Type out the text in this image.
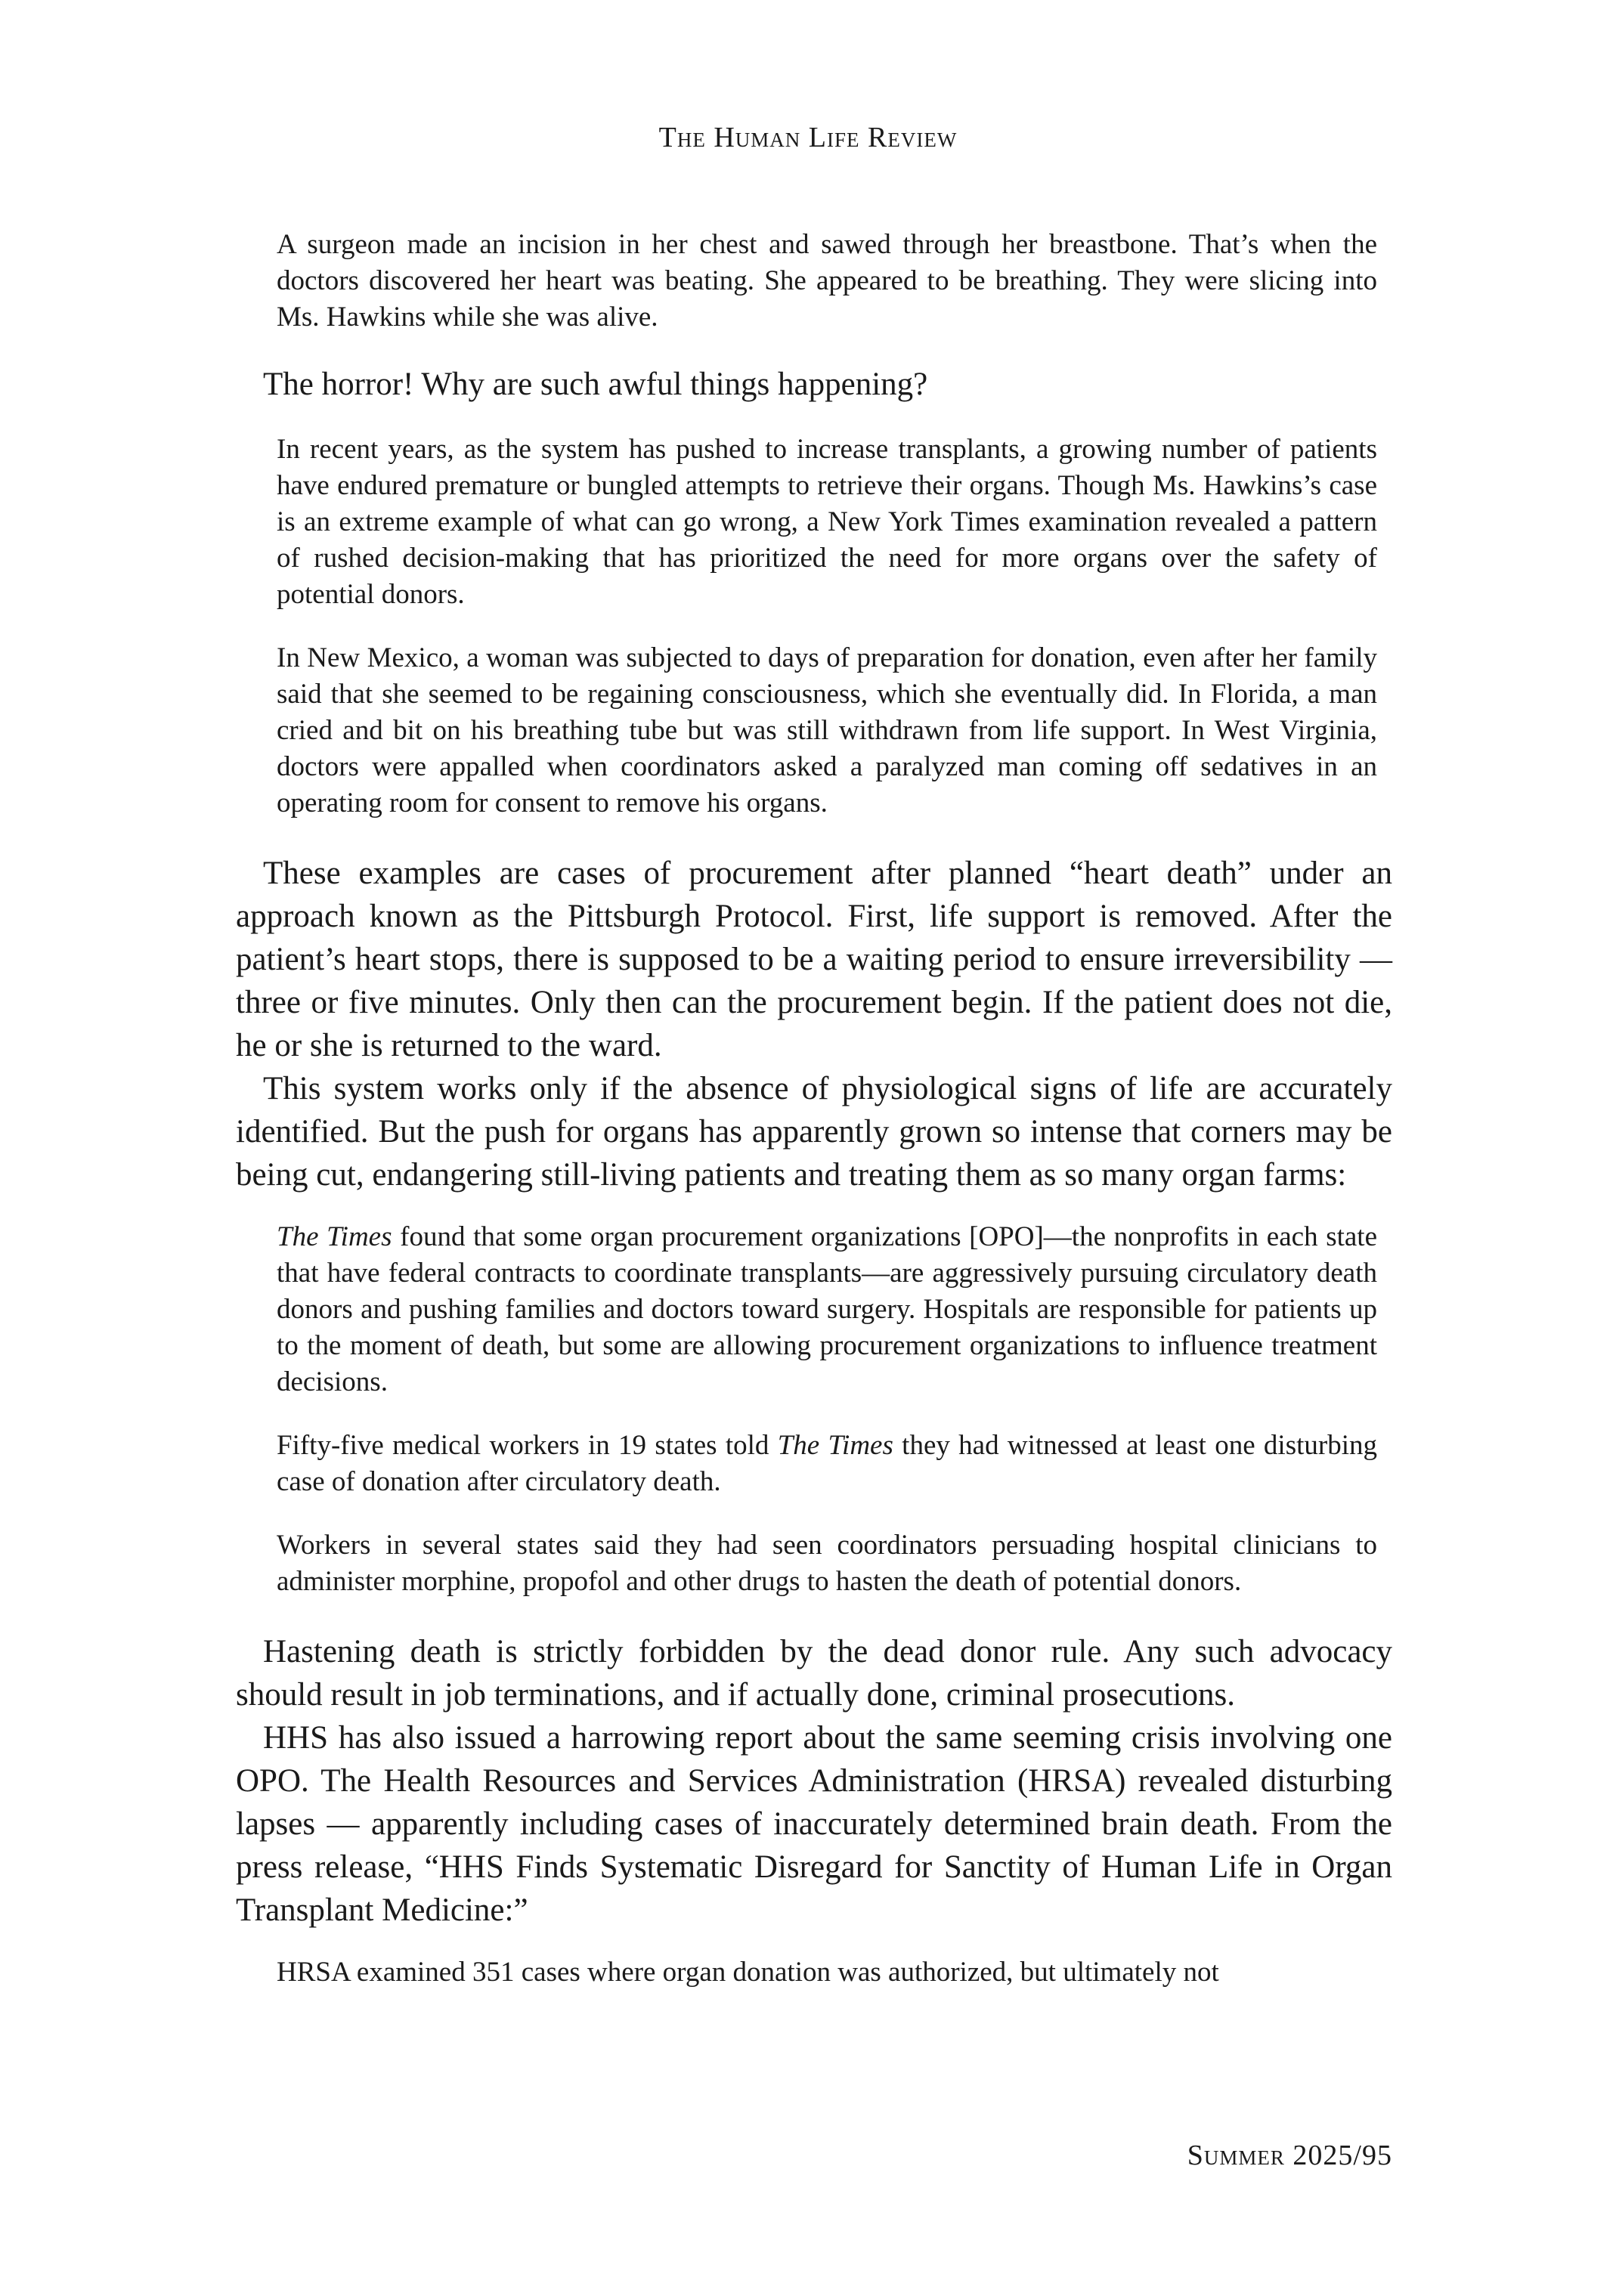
The Human Life Review

A surgeon made an incision in her chest and sawed through her breastbone. That’s when the doctors discovered her heart was beating. She appeared to be breathing. They were slicing into Ms. Hawkins while she was alive.

The horror! Why are such awful things happening?

In recent years, as the system has pushed to increase transplants, a growing number of patients have endured premature or bungled attempts to retrieve their organs. Though Ms. Hawkins’s case is an extreme example of what can go wrong, a New York Times examination revealed a pattern of rushed decision-making that has prioritized the need for more organs over the safety of potential donors.

In New Mexico, a woman was subjected to days of preparation for donation, even after her family said that she seemed to be regaining consciousness, which she eventually did. In Florida, a man cried and bit on his breathing tube but was still withdrawn from life support. In West Virginia, doctors were appalled when coordinators asked a paralyzed man coming off sedatives in an operating room for consent to remove his organs.

These examples are cases of procurement after planned “heart death” under an approach known as the Pittsburgh Protocol. First, life support is removed. After the patient’s heart stops, there is supposed to be a waiting period to ensure irreversibility —three or five minutes. Only then can the procurement begin. If the patient does not die, he or she is returned to the ward.

This system works only if the absence of physiological signs of life are accurately identified. But the push for organs has apparently grown so intense that corners may be being cut, endangering still-living patients and treating them as so many organ farms:

The Times found that some organ procurement organizations [OPO]—the nonprofits in each state that have federal contracts to coordinate transplants—are aggressively pursuing circulatory death donors and pushing families and doctors toward surgery. Hospitals are responsible for patients up to the moment of death, but some are allowing procurement organizations to influence treatment decisions.

Fifty-five medical workers in 19 states told The Times they had witnessed at least one disturbing case of donation after circulatory death.

Workers in several states said they had seen coordinators persuading hospital clinicians to administer morphine, propofol and other drugs to hasten the death of potential donors.

Hastening death is strictly forbidden by the dead donor rule. Any such advocacy should result in job terminations, and if actually done, criminal prosecutions.

HHS has also issued a harrowing report about the same seeming crisis involving one OPO. The Health Resources and Services Administration (HRSA) revealed disturbing lapses — apparently including cases of inaccurately determined brain death. From the press release, “HHS Finds Systematic Disregard for Sanctity of Human Life in Organ Transplant Medicine:”

HRSA examined 351 cases where organ donation was authorized, but ultimately not

Summer 2025/95
